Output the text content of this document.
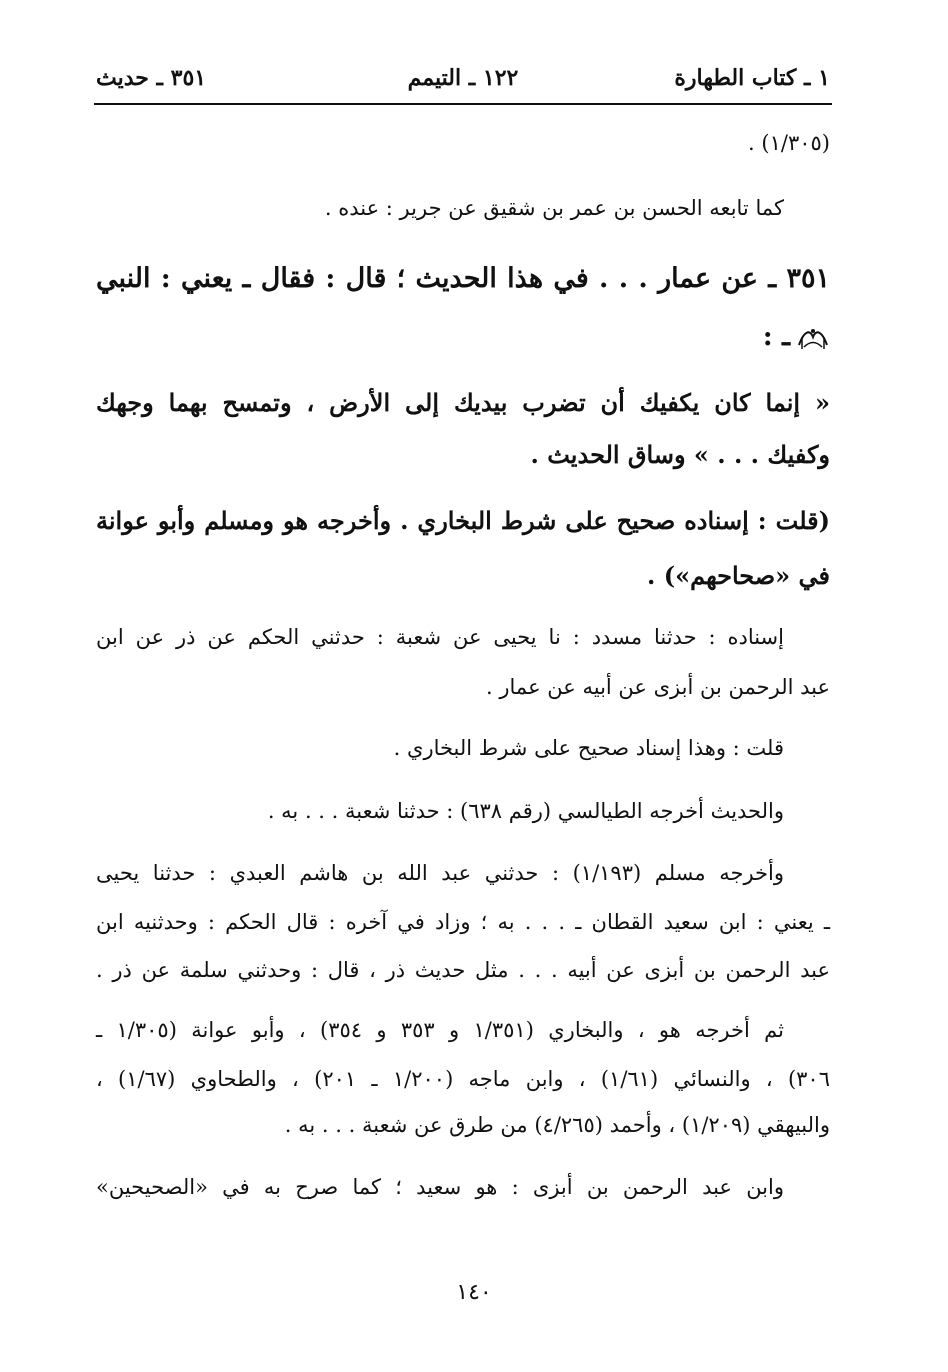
١ ـ كتاب الطهارة
١٢٢ ـ التيمم
٣٥١ ـ حديث
(١/٣٠٥) .
كما تابعه الحسن بن عمر بن شقيق عن جرير : عنده .
٣٥١ ـ عن عمار . . . في هذا الحديث ؛ قال : فقال ـ يعني : النبي
ـ :
« إنما كان يكفيك أن تضرب بيديك إلى الأرض ، وتمسح بهما وجهك
وكفيك . . . » وساق الحديث .
(قلت : إسناده صحيح على شرط البخاري . وأخرجه هو ومسلم وأبو عوانة
في «صحاحهم») .
إسناده : حدثنا مسدد : نا يحيى عن شعبة : حدثني الحكم عن ذر عن ابن
عبد الرحمن بن أبزى عن أبيه عن عمار .
قلت : وهذا إسناد صحيح على شرط البخاري .
والحديث أخرجه الطيالسي (رقم ٦٣٨) : حدثنا شعبة . . . به .
وأخرجه مسلم (١/١٩٣) : حدثني عبد الله بن هاشم العبدي : حدثنا يحيى
ـ يعني : ابن سعيد القطان ـ . . . به ؛ وزاد في آخره : قال الحكم : وحدثنيه ابن
عبد الرحمن بن أبزى عن أبيه . . . مثل حديث ذر ، قال : وحدثني سلمة عن ذر .
ثم أخرجه هو ، والبخاري (١/٣٥١ و ٣٥٣ و ٣٥٤) ، وأبو عوانة (١/٣٠٥ ـ
٣٠٦) ، والنسائي (١/٦١) ، وابن ماجه (١/٢٠٠ ـ ٢٠١) ، والطحاوي (١/٦٧) ،
والبيهقي (١/٢٠٩) ، وأحمد (٤/٢٦٥) من طرق عن شعبة . . . به .
وابن عبد الرحمن بن أبزى : هو سعيد ؛ كما صرح به في «الصحيحين»
١٤٠
